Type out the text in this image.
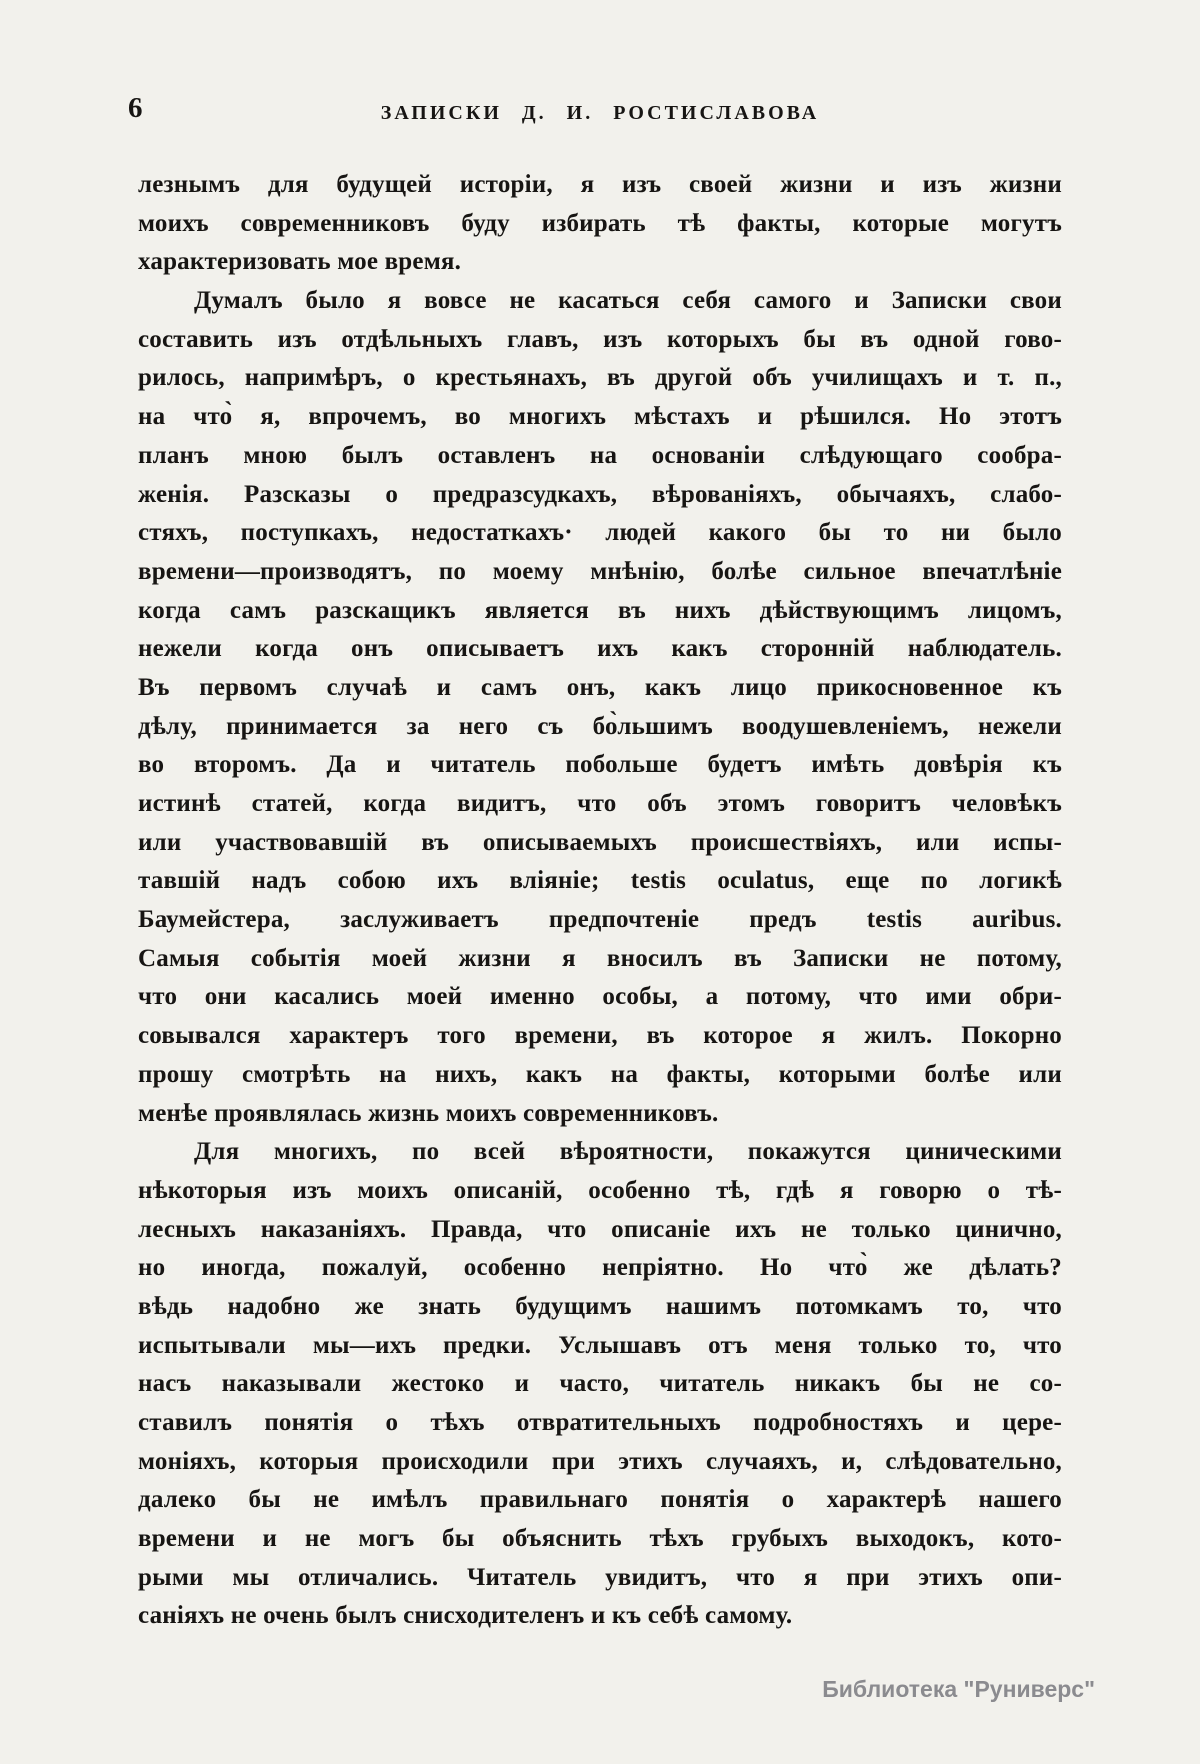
6	ЗАПИСКИ Д. И. РОСТИСЛАВОВА
лезнымъ для будущей исторіи, я изъ своей жизни и изъ жизни
моихъ современниковъ буду избирать тѣ факты, которые могутъ
характеризовать мое время.
Думалъ было я вовсе не касаться себя самого и Записки свои
составить изъ отдѣльныхъ главъ, изъ которыхъ бы въ одной гово-
рилось, напримѣръ, о крестьянахъ, въ другой объ училищахъ и т. п.,
на что̀ я, впрочемъ, во многихъ мѣстахъ и рѣшился. Но этотъ
планъ мною былъ оставленъ на основаніи слѣдующаго сообра-
женія. Разсказы о предразсудкахъ, вѣрованіяхъ, обычаяхъ, слабо-
стяхъ, поступкахъ, недостаткахъ· людей какого бы то ни было
времени—производятъ, по моему мнѣнію, болѣе сильное впечатлѣніе
когда самъ разскащикъ является въ нихъ дѣйствующимъ лицомъ,
нежели когда онъ описываетъ ихъ какъ сторонній наблюдатель.
Въ первомъ случаѣ и самъ онъ, какъ лицо прикосновенное къ
дѣлу, принимается за него съ бо̀льшимъ воодушевленіемъ, нежели
во второмъ. Да и читатель побольше будетъ имѣть довѣрія къ
истинѣ статей, когда видитъ, что объ этомъ говоритъ человѣкъ
или участвовавшій въ описываемыхъ происшествіяхъ, или испы-
тавшій надъ собою ихъ вліяніе; testis oculatus, еще по логикѣ
Баумейстера, заслуживаетъ предпочтеніе предъ testis auribus.
Самыя событія моей жизни я вносилъ въ Записки не потому,
что они касались моей именно особы, а потому, что ими обри-
совывался характеръ того времени, въ которое я жилъ. Покорно
прошу смотрѣть на нихъ, какъ на факты, которыми болѣе или
менѣе проявлялась жизнь моихъ современниковъ.
Для многихъ, по всей вѣроятности, покажутся циническими
нѣкоторыя изъ моихъ описаній, особенно тѣ, гдѣ я говорю о тѣ-
лесныхъ наказаніяхъ. Правда, что описаніе ихъ не только цинично,
но иногда, пожалуй, особенно непріятно. Но что̀ же дѣлать?
вѣдь надобно же знать будущимъ нашимъ потомкамъ то, что
испытывали мы—ихъ предки. Услышавъ отъ меня только то, что
насъ наказывали жестоко и часто, читатель никакъ бы не со-
ставилъ понятія о тѣхъ отвратительныхъ подробностяхъ и цере-
моніяхъ, которыя происходили при этихъ случаяхъ, и, слѣдовательно,
далеко бы не имѣлъ правильнаго понятія о характерѣ нашего
времени и не могъ бы объяснить тѣхъ грубыхъ выходокъ, кото-
рыми мы отличались. Читатель увидитъ, что я при этихъ опи-
саніяхъ не очень былъ снисходителенъ и къ себѣ самому.
Библиотека "Руниверс"
